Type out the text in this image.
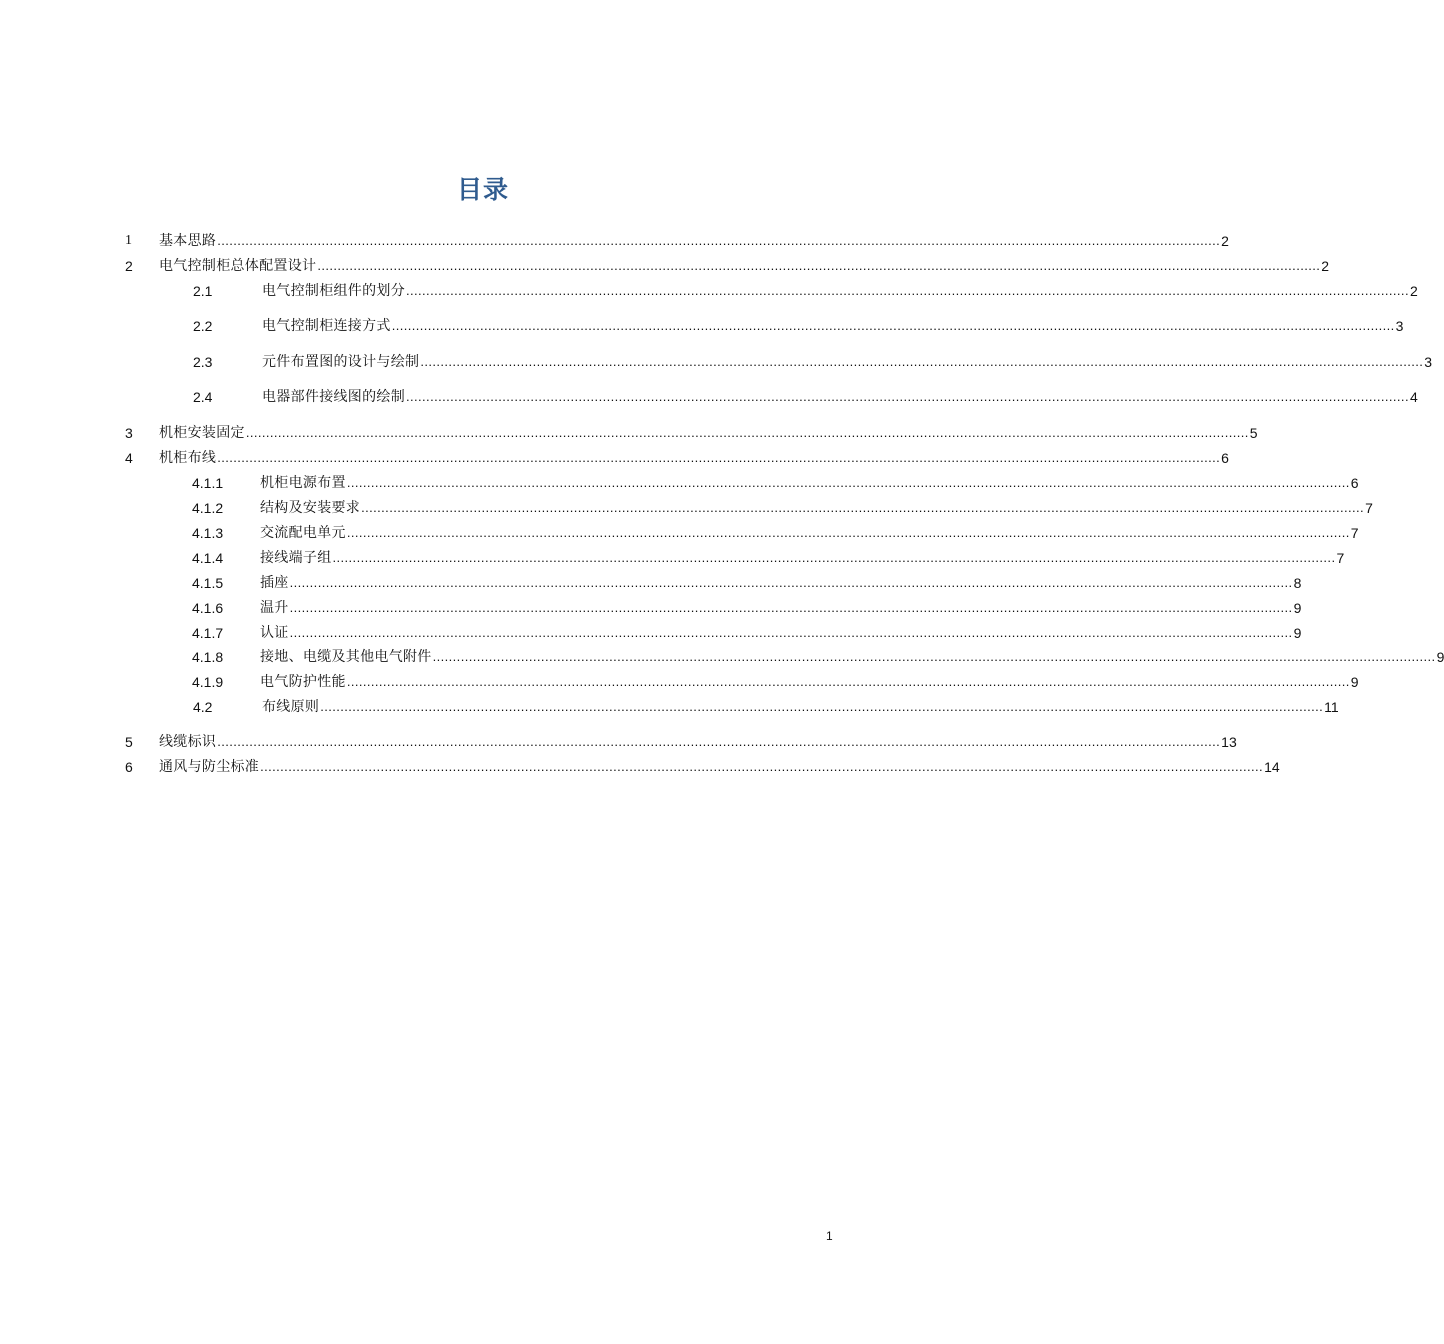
目录
1 基本思路 .......................................................................................................................................................................................................................................................... 2
2 电气控制柜总体配置设计 .......................................................................................................................................................................................................................................................... 2
2.1	电气控制柜组件的划分 .......................................................................................................................................................................................................................................................... 2
2.2	电气控制柜连接方式 .......................................................................................................................................................................................................................................................... 3
2.3	元件布置图的设计与绘制 .......................................................................................................................................................................................................................................................... 3
2.4	电器部件接线图的绘制 .......................................................................................................................................................................................................................................................... 4
3 机柜安装固定 .......................................................................................................................................................................................................................................................... 5
4 机柜布线 .......................................................................................................................................................................................................................................................... 6
4.1.1	机柜电源布置 .......................................................................................................................................................................................................................................................... 6
4.1.2	结构及安装要求 .......................................................................................................................................................................................................................................................... 7
4.1.3	交流配电单元 .......................................................................................................................................................................................................................................................... 7
4.1.4	接线端子组 .......................................................................................................................................................................................................................................................... 7
4.1.5	插座 .......................................................................................................................................................................................................................................................... 8
4.1.6	温升 .......................................................................................................................................................................................................................................................... 9
4.1.7	认证 .......................................................................................................................................................................................................................................................... 9
4.1.8	接地、电缆及其他电气附件 .......................................................................................................................................................................................................................................................... 9
4.1.9	电气防护性能 .......................................................................................................................................................................................................................................................... 9
4.2	布线原则 .......................................................................................................................................................................................................................................................... 11
5 线缆标识 .......................................................................................................................................................................................................................................................... 13
6 通风与防尘标准 .......................................................................................................................................................................................................................................................... 14
1
